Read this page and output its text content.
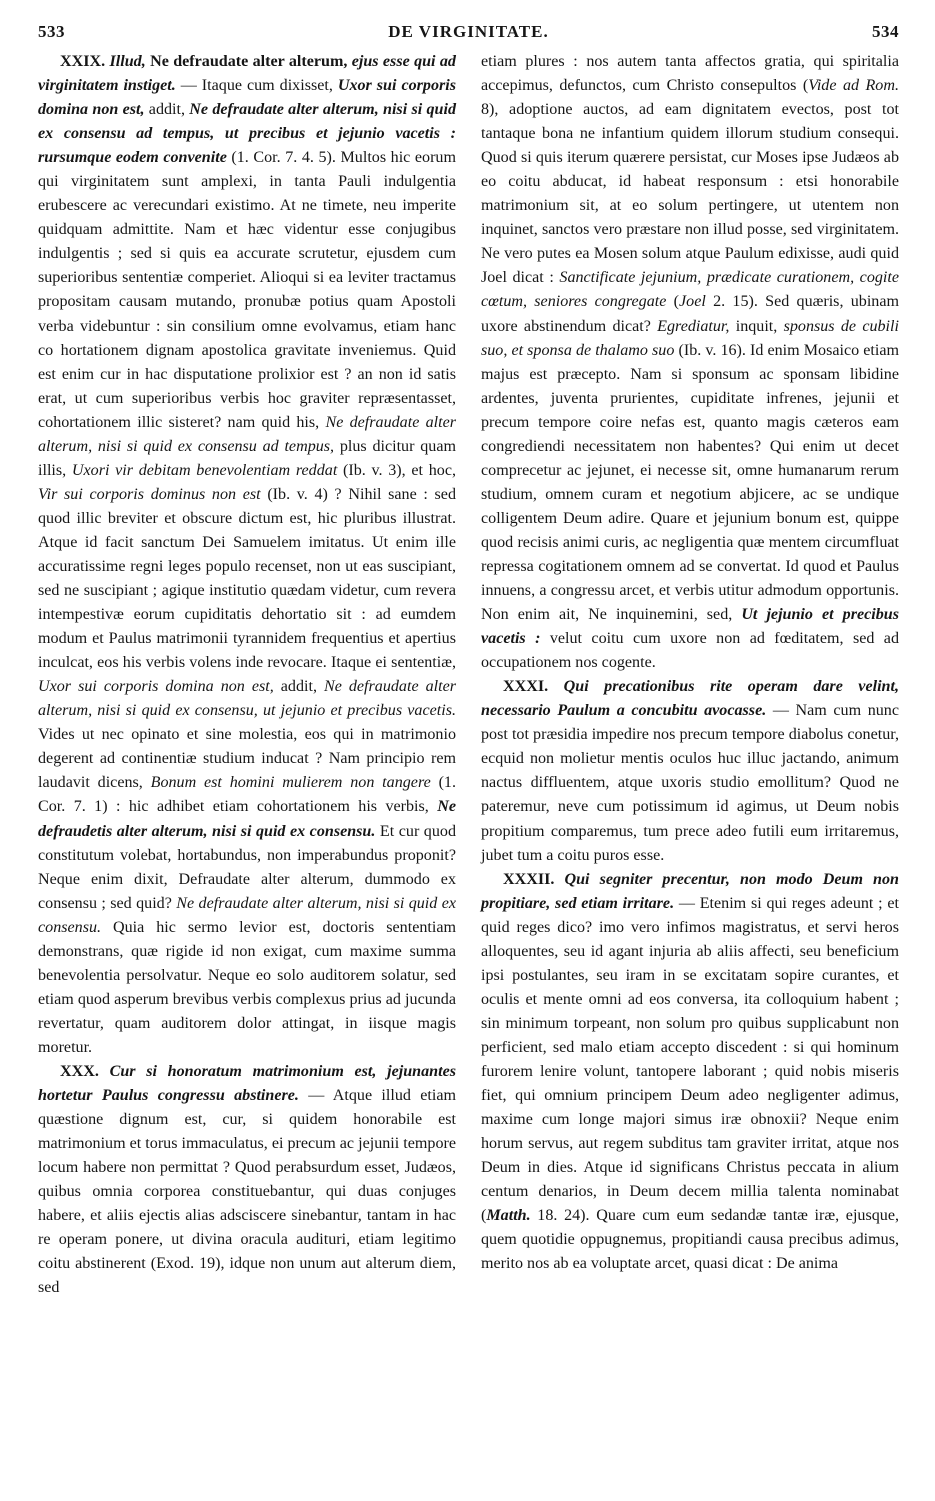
533	DE VIRGINITATE.	534

XXIX. Illud, Ne defraudate alter alterum, ejus esse qui ad virginitatem instiget. — Itaque cum dixisset, Uxor sui corporis domina non est, addit, Ne defraudate alter alterum, nisi si quid ex consensu ad tempus, ut precibus et jejunio vacetis : rursumque eodem convenite (1. Cor. 7. 4. 5). Multos hic eorum qui virginitatem sunt amplexi, in tanta Pauli indulgentia erubescere ac verecundari existimo. At ne timete, neu imperite quidquam admittite. Nam et hæc videntur esse conjugibus indulgentis ; sed si quis ea accurate scrutetur, ejusdem cum superioribus sententiæ comperiet. Alioqui si ea leviter tractamus propositam causam mutando, pronubæ potius quam Apostoli verba videbuntur : sin consilium omne evolvamus, etiam hanc co hortationem dignam apostolica gravitate inveniemus. Quid est enim cur in hac disputatione prolixior est ? an non id satis erat, ut cum superioribus verbis hoc graviter repræsentasset, cohortationem illic sisteret? nam quid his, Ne defraudate alter alterum, nisi si quid ex consensu ad tempus, plus dicitur quam illis, Uxori vir debitam benevolentiam reddat (Ib. v. 3), et hoc, Vir sui corporis dominus non est (Ib. v. 4) ? Nihil sane : sed quod illic breviter et obscure dictum est, hic pluribus illustrat. Atque id facit sanctum Dei Samuelem imitatus. Ut enim ille accuratissime regni leges populo recenset, non ut eas suscipiant, sed ne suscipiant ; agique institutio quædam videtur, cum revera intempestivæ eorum cupiditatis dehortatio sit : ad eumdem modum et Paulus matrimonii tyrannidem frequentius et apertius inculcat, eos his verbis volens inde revocare. Itaque ei sententiæ, Uxor sui corporis domina non est, addit, Ne defraudate alter alterum, nisi si quid ex consensu, ut jejunio et precibus vacetis. Vides ut nec opinato et sine molestia, eos qui in matrimonio degerent ad continentiæ studium inducat ? Nam principio rem laudavit dicens, Bonum est homini mulierem non tangere (1. Cor. 7. 1) : hic adhibet etiam cohortationem his verbis, Ne defraudetis alter alterum, nisi si quid ex consensu. Et cur quod constitutum volebat, hortabundus, non imperabundus proponit? Neque enim dixit, Defraudate alter alterum, dummodo ex consensu ; sed quid? Ne defraudate alter alterum, nisi si quid ex consensu. Quia hic sermo levior est, doctoris sententiam demonstrans, quæ rigide id non exigat, cum maxime summa benevolentia persolvatur. Neque eo solo auditorem solatur, sed etiam quod asperum brevibus verbis complexus prius ad jucunda revertatur, quam auditorem dolor attingat, in iisque magis moretur.

XXX. Cur si honoratum matrimonium est, jejunantes hortetur Paulus congressu abstinere. — Atque illud etiam quæstione dignum est, cur, si quidem honorabile est matrimonium et torus immaculatus, ei precum ac jejunii tempore locum habere non permittat ? Quod perabsurdum esset, Judæos, quibus omnia corporea constituebantur, qui duas conjuges habere, et aliis ejectis alias adsciscere sinebantur, tantam in hac re operam ponere, ut divina oracula audituri, etiam legitimo coitu abstinerent (Exod. 19), idque non unum aut alterum diem, sed

etiam plures : nos autem tanta affectos gratia, qui spiritalia accepimus, defunctos, cum Christo consepultos (Vide ad Rom. 8), adoptione auctos, ad eam dignitatem evectos, post tot tantaque bona ne infantium quidem illorum studium consequi. Quod si quis iterum quærere persistat, cur Moses ipse Judæos ab eo coitu abducat, id habeat responsum : etsi honorabile matrimonium sit, at eo solum pertingere, ut utentem non inquinet, sanctos vero præstare non illud posse, sed virginitatem. Ne vero putes ea Mosen solum atque Paulum edixisse, audi quid Joel dicat : Sanctificate jejunium, prædicate curationem, cogite cœtum, seniores congregate (Joel 2. 15). Sed quæris, ubinam uxore abstinendum dicat? Egrediatur, inquit, sponsus de cubili suo, et sponsa de thalamo suo (Ib. v. 16). Id enim Mosaico etiam majus est præcepto. Nam si sponsum ac sponsam libidine ardentes, juventa prurientes, cupiditate infrenes, jejunii et precum tempore coire nefas est, quanto magis cæteros eam congrediendi necessitatem non habentes? Qui enim ut decet comprecetur ac jejunet, ei necesse sit, omne humanarum rerum studium, omnem curam et negotium abjicere, ac se undique colligentem Deum adire. Quare et jejunium bonum est, quippe quod recisis animi curis, ac negligentia quæ mentem circumfluat repressa cogitationem omnem ad se convertat. Id quod et Paulus innuens, a congressu arcet, et verbis utitur admodum opportunis. Non enim ait, Ne inquinemini, sed, Ut jejunio et precibus vacetis : velut coitu cum uxore non ad fœditatem, sed ad occupationem nos cogente.

XXXI. Qui precationibus rite operam dare velint, necessario Paulum a concubitu avocasse. — Nam cum nunc post tot præsidia impedire nos precum tempore diabolus conetur, ecquid non molietur mentis oculos huc illuc jactando, animum nactus diffluentem, atque uxoris studio emollitum? Quod ne pateremur, neve cum potissimum id agimus, ut Deum nobis propitium comparemus, tum prece adeo futili eum irritaremus, jubet tum a coitu puros esse.

XXXII. Qui segniter precentur, non modo Deum non propitiare, sed etiam irritare. — Etenim si qui reges adeunt ; et quid reges dico? imo vero infimos magistratus, et servi heros alloquentes, seu id agant injuria ab aliis affecti, seu beneficium ipsi postulantes, seu iram in se excitatam sopire curantes, et oculis et mente omni ad eos conversa, ita colloquium habent ; sin minimum torpeant, non solum pro quibus supplicabunt non perficient, sed malo etiam accepto discedent : si qui hominum furorem lenire volunt, tantopere laborant ; quid nobis miseris fiet, qui omnium principem Deum adeo negligenter adimus, maxime cum longe majori simus iræ obnoxii? Neque enim horum servus, aut regem subditus tam graviter irritat, atque nos Deum in dies. Atque id significans Christus peccata in alium centum denarios, in Deum decem millia talenta nominabat (Matth. 18. 24). Quare cum eum sedandæ tantæ iræ, ejusque, quem quotidie oppugnemus, propitiandi causa precibus adimus, merito nos ab ea voluptate arcet, quasi dicat : De anima
